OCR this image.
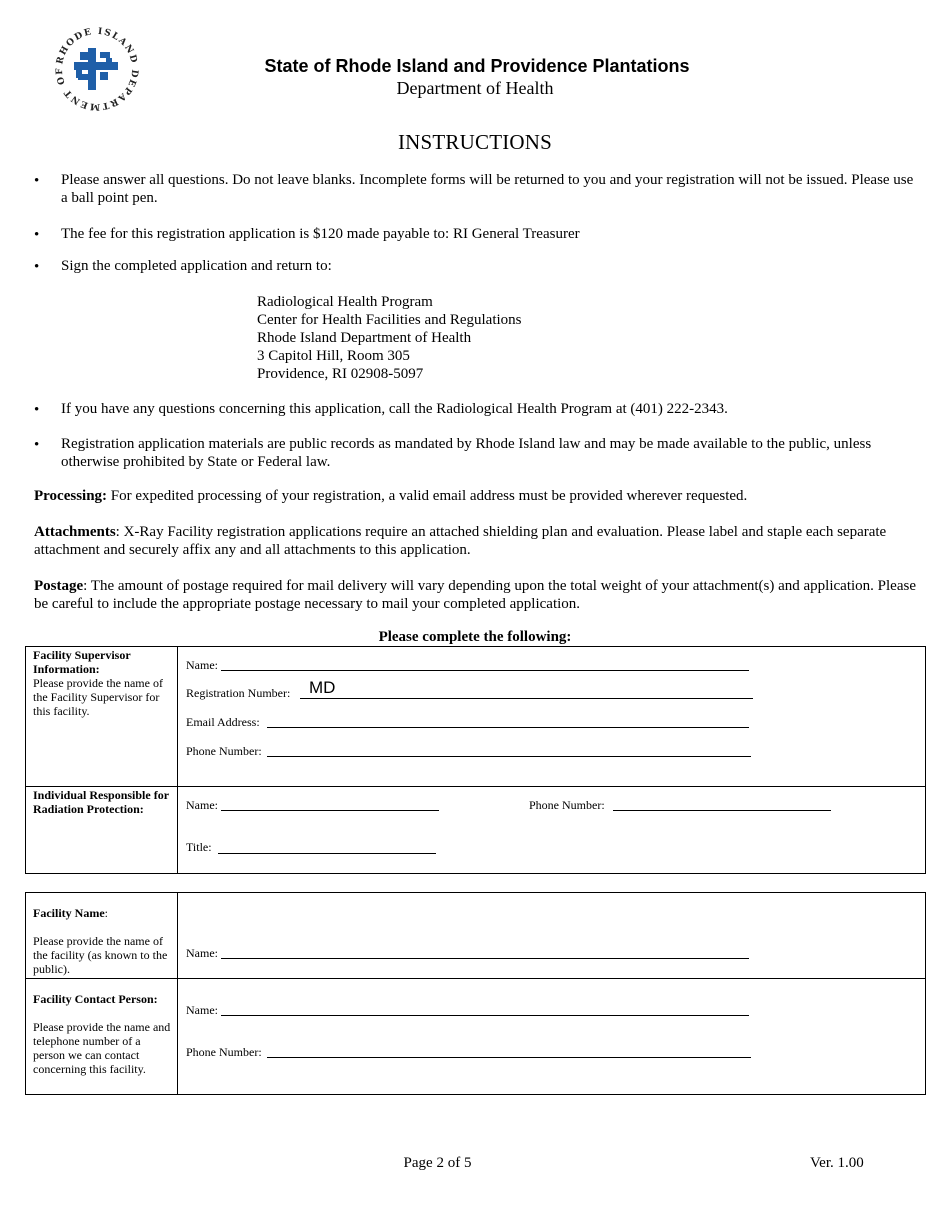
RHODE ISLAND DEPARTMENT OF	State of Rhode Island and Providence Plantations
Department of Health
INSTRUCTIONS
• Please answer all questions. Do not leave blanks. Incomplete forms will be returned to you and your registration will not be issued. Please use a ball point pen.
• The fee for this registration application is $120 made payable to: RI General Treasurer
• Sign the completed application and return to:
Radiological Health Program
Center for Health Facilities and Regulations
Rhode Island Department of Health
3 Capitol Hill, Room 305
Providence, RI 02908-5097
• If you have any questions concerning this application, call the Radiological Health Program at (401) 222-2343.
• Registration application materials are public records as mandated by Rhode Island law and may be made available to the public, unless otherwise prohibited by State or Federal law.
Processing: For expedited processing of your registration, a valid email address must be provided wherever requested.
Attachments: X-Ray Facility registration applications require an attached shielding plan and evaluation. Please label and staple each separate attachment and securely affix any and all attachments to this application.
Postage: The amount of postage required for mail delivery will vary depending upon the total weight of your attachment(s) and application. Please be careful to include the appropriate postage necessary to mail your completed application.
Please complete the following:
Facility Supervisor Information:
Please provide the name of the Facility Supervisor for this facility.
Name:
Registration Number: MD
Email Address:
Phone Number:
Individual Responsible for Radiation Protection:	Name:	Phone Number:
Title:
Facility Name:

Please provide the name of the facility (as known to the public).
Name:
Facility Contact Person:

Please provide the name and telephone number of a person we can contact concerning this facility.
Name:
Phone Number:
Page 2 of 5	Ver. 1.00
